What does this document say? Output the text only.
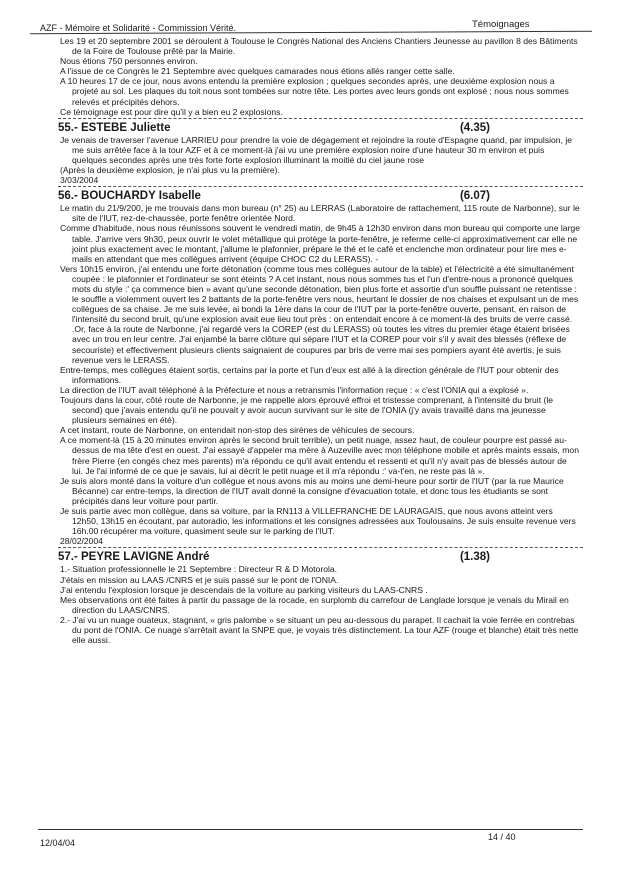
AZF - Mémoire et Solidarité - Commission Vérité.	Témoignages

Les 19 et 20 septembre 2001 se déroulent à Toulouse le Congrès National des Anciens Chantiers Jeunesse au pavillon 8 des Bâtiments de la Foire de Toulouse prêté par la Mairie.

Nous étions 750 personnes environ.

A l'issue de ce Congrès le 21 Septembre avec quelques camarades nous étions allés ranger cette salle.

A 10 heures 17 de ce jour, nous avons entendu la première explosion ; quelques secondes après, une deuxième explosion nous a projeté au sol. Les plaques du toit nous sont tombées sur notre tête. Les portes avec leurs gonds ont explosé ; nous nous sommes relevés et précipités dehors.

Ce témoignage est pour dire qu'il y a bien eu 2 explosions.

55.- ESTEBE Juliette	(4.35)

Je venais de traverser l'avenue LARRIEU pour prendre la voie de dégagement et rejoindre la route d'Espagne quand, par impulsion, je me suis arrêtée face à la tour AZF et à ce moment-là j'ai vu une première explosion noire d'une hauteur 30 m environ et puis quelques secondes après une très forte forte explosion illuminant la moitié du ciel jaune rose

(Après la deuxième explosion, je n'ai plus vu la première).

3/03/2004

56.- BOUCHARDY Isabelle	(6.07)

Le matin du 21/9/200, je me trouvais dans mon bureau (n° 25) au LERRAS (Laboratoire de rattachement, 115 route de Narbonne), sur le site de l'IUT, rez-de-chaussée, porte fenêtre orientée Nord.

Comme d'habitude, nous nous réunissons souvent le vendredi matin, de 9h45 à 12h30 environ dans mon bureau qui comporte une large table. J'arrive vers 9h30, peux ouvrir le volet métallique qui protège la porte-fenêtre, je referme celle-ci approximativement car elle ne joint plus exactement avec le montant, j'allume le plafonnier, prépare le thé et le café et enclenche mon ordinateur pour lire mes e-mails en attendant que mes collègues arrivent (équipe CHOC C2 du LERASS). -

Vers 10h15 environ, j'ai entendu une forte détonation (comme tous mes collègues autour de la table) et l'électricité a été simultanément coupée : le plafonnier et l'ordinateur se sont éteints ? A cet instant, nous nous sommes tus et l'un d'entre-nous a prononcé quelques mots du style :' ça commence bien » avant qu'une seconde détonation, bien plus forte et assortie d'un souffle puissant ne retentisse : le souffle a violemment ouvert les 2 battants de la porte-fenêtre vers nous, heurtant le dossier de nos chaises et expulsant un de mes collègues de sa chaise. Je me suis levée, ai bondi la 1ère dans la cour de l'IUT par la porte-fenêtre ouverte, pensant, en raison de l'intensité du second bruit, qu'une explosion avait eue lieu tout près : on entendait encore à ce moment-là des bruits de verre cassé. .Or, face à la route de Narbonne, j'ai regardé vers la COREP (est du LERASS) où toutes les vitres du premier étage étaient brisées avec un trou en leur centre. J'ai enjambé la barre clôture qui sépare l'IUT et la COREP pour voir s'il y avait des blessés (réflexe de secouriste) et effectivement plusieurs clients saignaient de coupures par bris de verre mai ses pompiers ayant été avertis, je suis revenue vers le LERASS.

Entre-temps, mes collègues étaient sortis, certains par la porte et l'un d'eux est allé à la direction générale de l'IUT pour obtenir des informations.

La direction de l'IUT avait téléphoné à la Préfecture et nous a retransmis l'information reçue : « c'est l'ONIA qui a explosé ».

Toujours dans la cour, côté route de Narbonne, je me rappelle alors éprouvé effroi et tristesse comprenant, à l'intensité du bruit (le second) que j'avais entendu qu'il ne pouvait y avoir aucun survivant sur le site de l'ONIA (j'y avais travaillé dans ma jeunesse plusieurs semaines en été).

A cet instant, route de Narbonne, on entendait non-stop des sirènes de véhicules de secours.

A ce moment-là (15 à 20 minutes environ après le second bruit terrible), un petit nuage, assez haut, de couleur pourpre est passé au-dessus de ma tête d'est en ouest. J'ai essayé d'appeler ma mère à Auzeville avec mon téléphone mobile et après maints essais, mon frère Pierre (en congés chez mes parents) m'a répondu ce qu'il avait entendu et ressenti et qu'il n'y avait pas de blessés autour de lui. Je l'ai informé de ce que je savais, lui ai décrit le petit nuage et il m'a répondu :' va-t'en, ne reste pas là ».

Je suis alors monté dans la voiture d'un collègue et nous avons mis au moins une demi-heure pour sortir de l'IUT (par la rue Maurice Bécanne) car entre-temps, la direction de l'IUT avait donné la consigne d'évacuation totale, et donc tous les étudiants se sont précipités dans leur voiture pour partir.

Je suis partie avec mon collègue, dans sa voiture, par la RN113 à VILLEFRANCHE DE LAURAGAIS, que nous avons atteint vers 12h50, 13h15 en écoutant, par autoradio, les informations et les consignes adressées aux Toulousains. Je suis ensuite revenue vers 16h.00 récupérer ma voiture, quasiment seule sur le parking de l'IUT.

28/02/2004

57.- PEYRE LAVIGNE André	(1.38)

1.- Situation professionnelle le 21 Septembre : Directeur R & D Motorola.

J'étais en mission au LAAS /CNRS et je suis passé sur le pont de l'ONIA.

J'ai entendu l'explosion lorsque je descendais de la voiture au parking visiteurs du LAAS-CNRS .

Mes observations ont été faites à partir du passage de la rocade, en surplomb du carrefour de Langlade lorsque je venais du Mirail en direction du LAAS/CNRS.

2.- J'ai vu un nuage ouateux, stagnant, « gris palombe » se situant un peu au-dessous du parapet. Il cachait la voie ferrée en contrebas du pont de l'ONIA. Ce nuage s'arrêtait avant la SNPE que, je voyais très distinctement. La tour AZF (rouge et blanche) était très nette elle aussi.

12/04/04
14 / 40
